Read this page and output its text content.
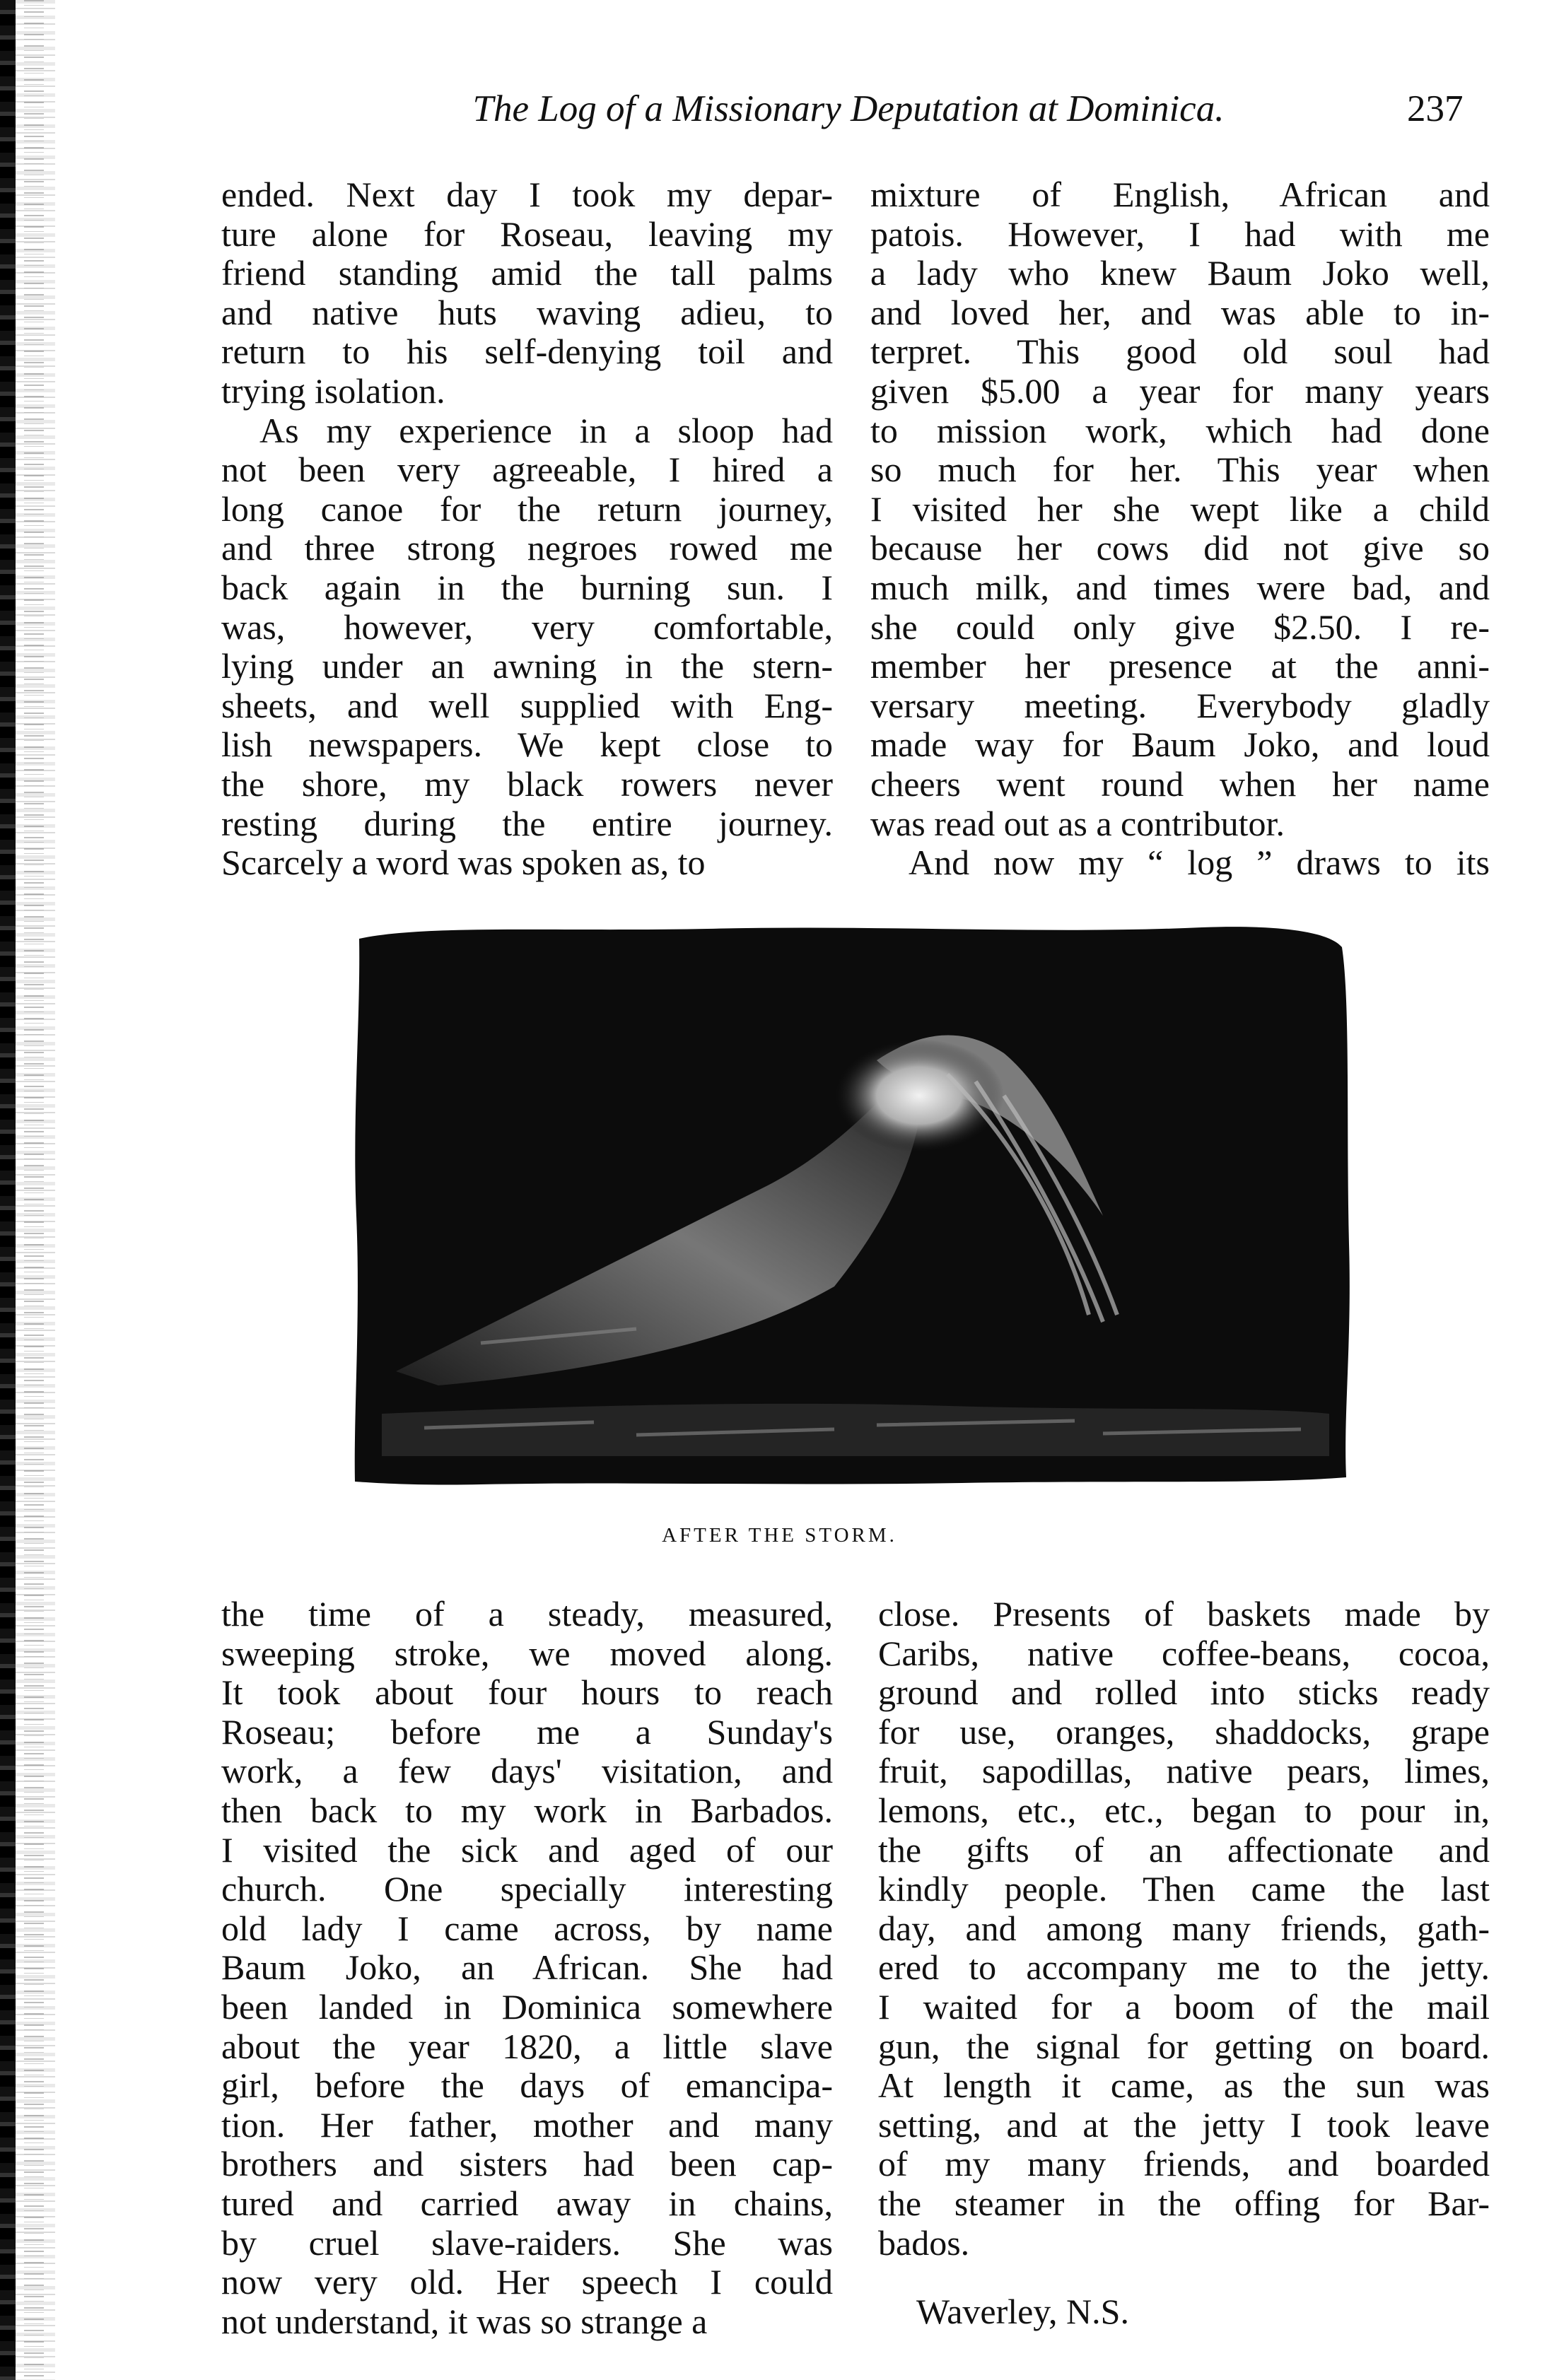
The Log of a Missionary Deputation at Dominica.	237
ended. Next day I took my depar-
ture alone for Roseau, leaving my
friend standing amid the tall palms
and native huts waving adieu, to
return to his self-denying toil and
trying isolation.
As my experience in a sloop had
not been very agreeable, I hired a
long canoe for the return journey,
and three strong negroes rowed me
back again in the burning sun. I
was, however, very comfortable,
lying under an awning in the stern-
sheets, and well supplied with Eng-
lish newspapers. We kept close to
the shore, my black rowers never
resting during the entire journey.
Scarcely a word was spoken as, to
mixture of English, African and
patois. However, I had with me
a lady who knew Baum Joko well,
and loved her, and was able to in-
terpret. This good old soul had
given $5.00 a year for many years
to mission work, which had done
so much for her. This year when
I visited her she wept like a child
because her cows did not give so
much milk, and times were bad, and
she could only give $2.50. I re-
member her presence at the anni-
versary meeting. Everybody gladly
made way for Baum Joko, and loud
cheers went round when her name
was read out as a contributor.
And now my “ log ” draws to its
AFTER THE STORM.
the time of a steady, measured,
sweeping stroke, we moved along.
It took about four hours to reach
Roseau; before me a Sunday's
work, a few days' visitation, and
then back to my work in Barbados.
I visited the sick and aged of our
church. One specially interesting
old lady I came across, by name
Baum Joko, an African. She had
been landed in Dominica somewhere
about the year 1820, a little slave
girl, before the days of emancipa-
tion. Her father, mother and many
brothers and sisters had been cap-
tured and carried away in chains,
by cruel slave-raiders. She was
now very old. Her speech I could
not understand, it was so strange a
close. Presents of baskets made by
Caribs, native coffee-beans, cocoa,
ground and rolled into sticks ready
for use, oranges, shaddocks, grape
fruit, sapodillas, native pears, limes,
lemons, etc., etc., began to pour in,
the gifts of an affectionate and
kindly people. Then came the last
day, and among many friends, gath-
ered to accompany me to the jetty.
I waited for a boom of the mail
gun, the signal for getting on board.
At length it came, as the sun was
setting, and at the jetty I took leave
of my many friends, and boarded
the steamer in the offing for Bar-
bados.
Waverley, N.S.
